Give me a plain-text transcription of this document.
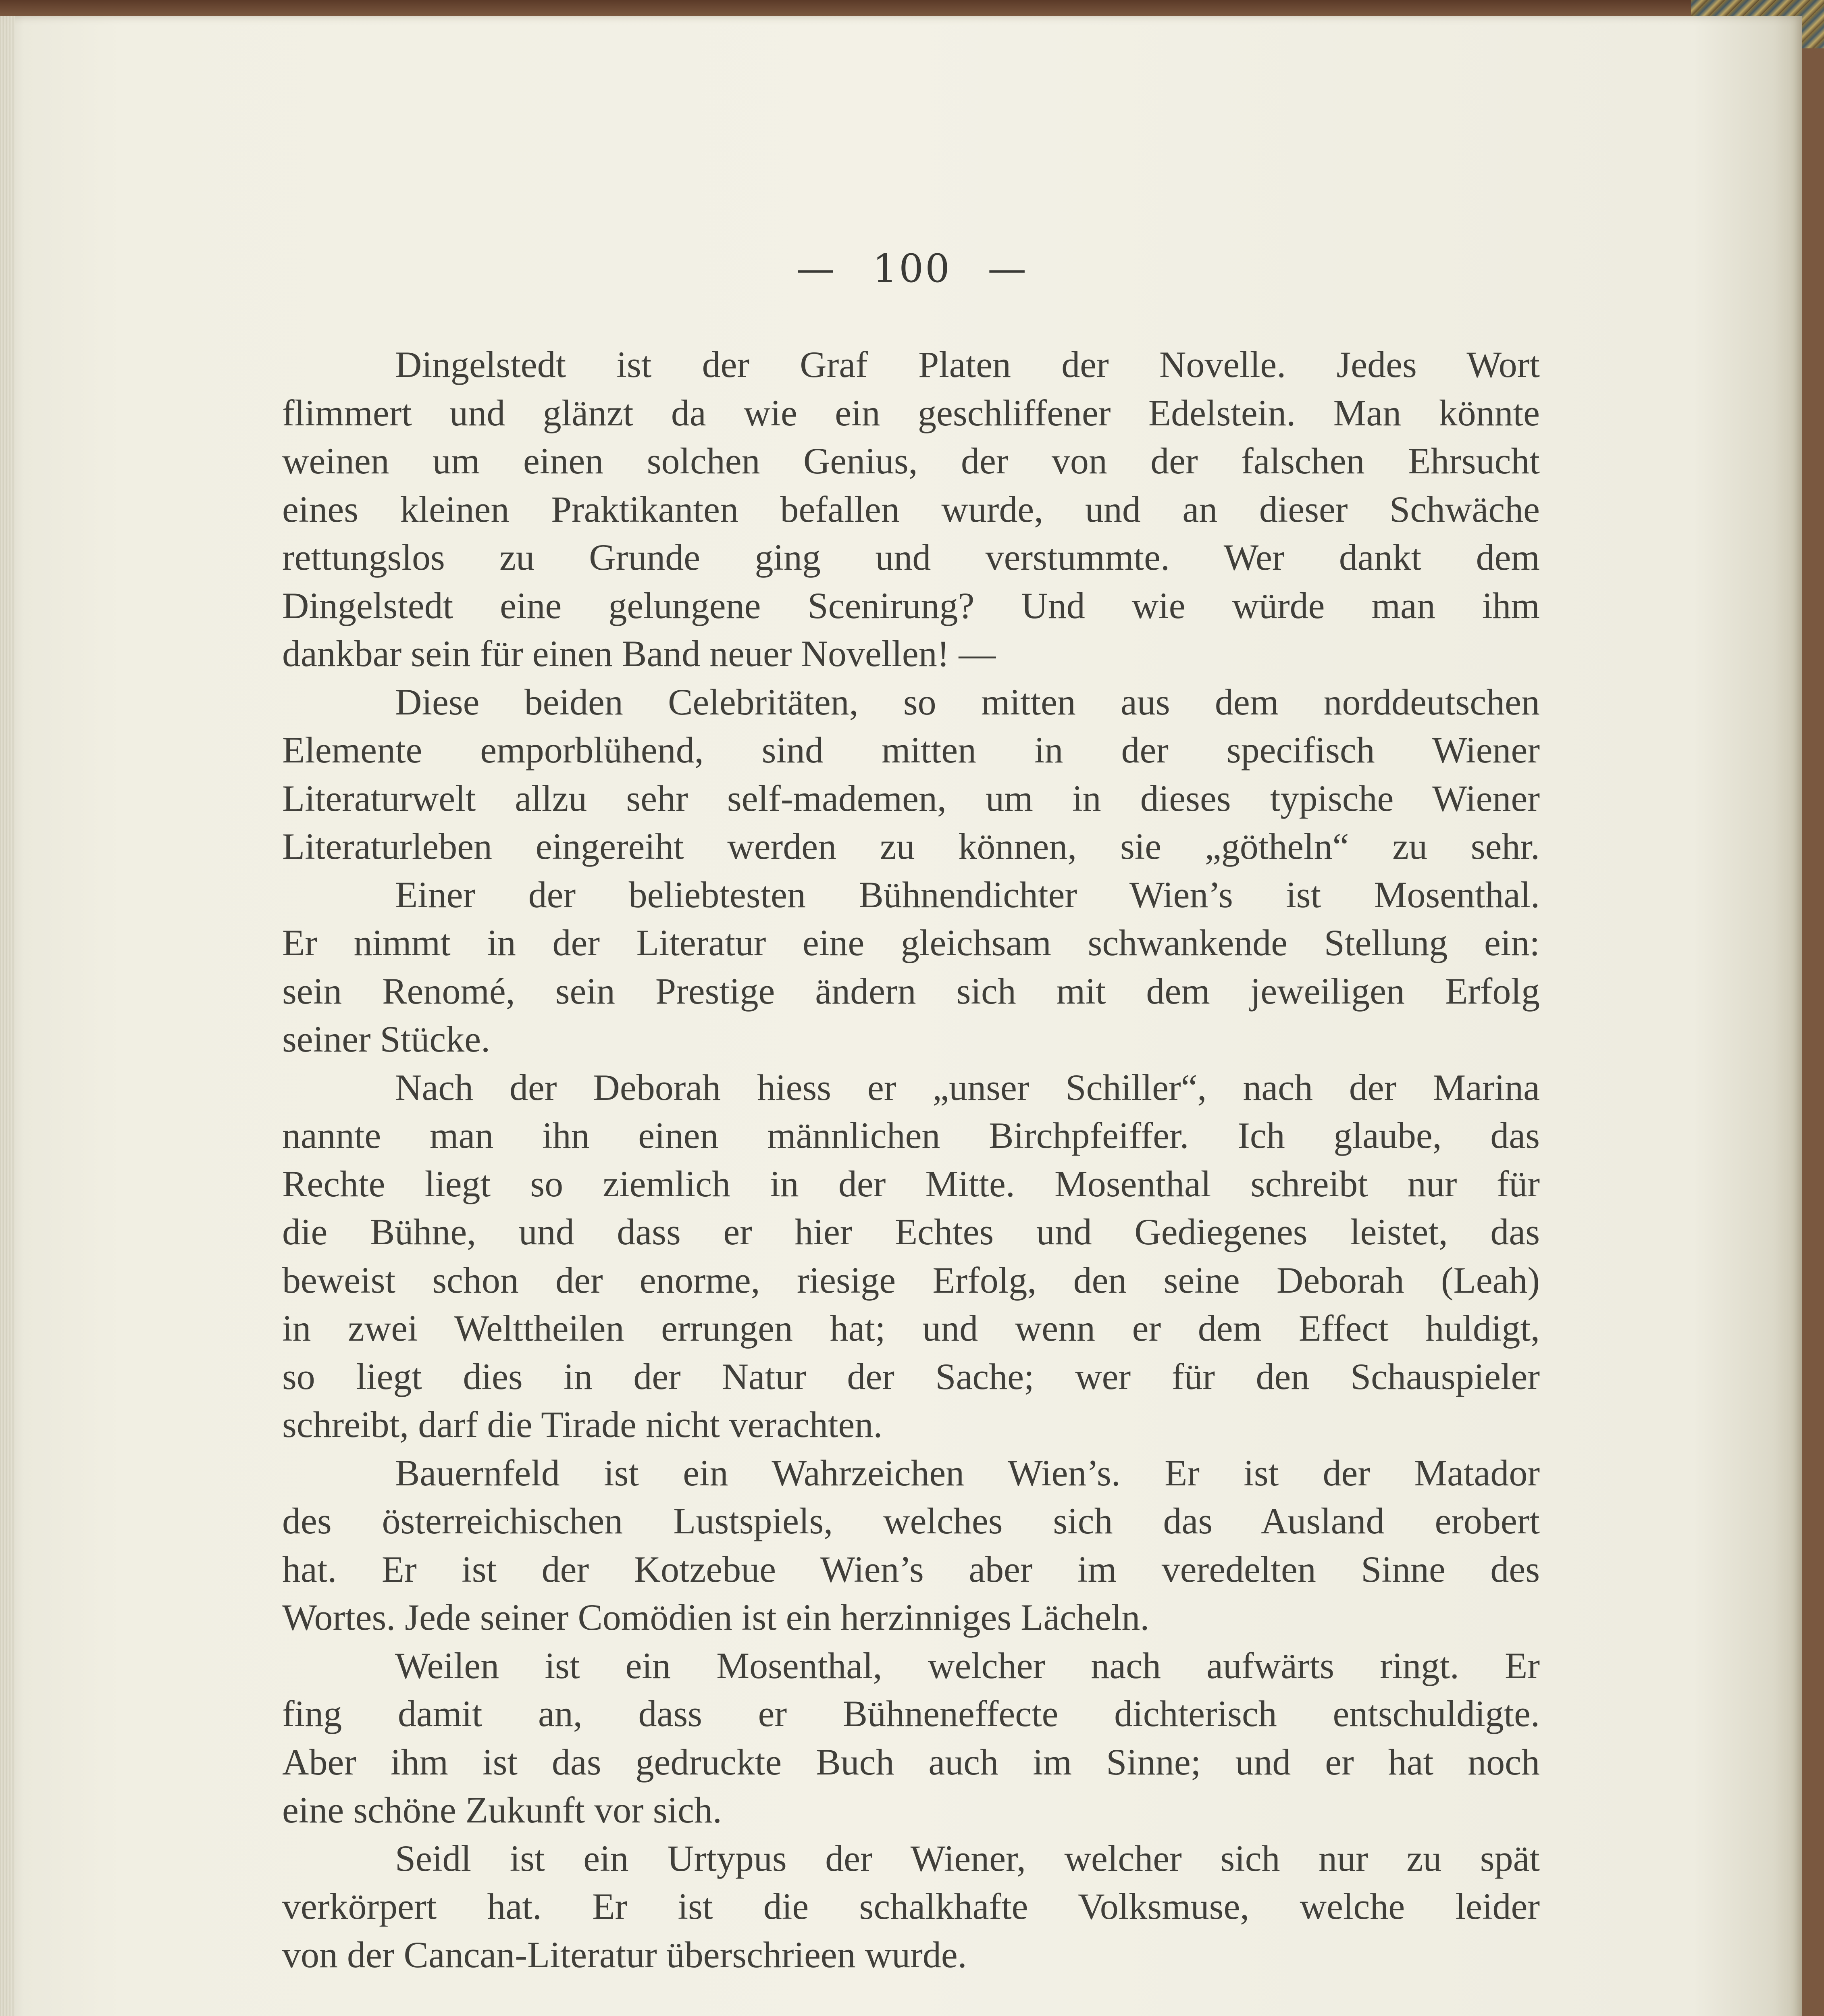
— 100 —

Dingelstedt ist der Graf Platen der Novelle. Jedes Wort
flimmert und glänzt da wie ein geschliffener Edelstein. Man könnte
weinen um einen solchen Genius, der von der falschen Ehrsucht
eines kleinen Praktikanten befallen wurde, und an dieser Schwäche
rettungslos zu Grunde ging und verstummte. Wer dankt dem
Dingelstedt eine gelungene Scenirung? Und wie würde man ihm
dankbar sein für einen Band neuer Novellen! —

Diese beiden Celebritäten, so mitten aus dem norddeutschen
Elemente emporblühend, sind mitten in der specifisch Wiener
Literaturwelt allzu sehr self-mademen, um in dieses typische Wiener
Literaturleben eingereiht werden zu können, sie „götheln“ zu sehr.

Einer der beliebtesten Bühnendichter Wien’s ist Mosenthal.
Er nimmt in der Literatur eine gleichsam schwankende Stellung ein:
sein Renomé, sein Prestige ändern sich mit dem jeweiligen Erfolg
seiner Stücke.

Nach der Deborah hiess er „unser Schiller“, nach der Marina
nannte man ihn einen männlichen Birchpfeiffer. Ich glaube, das
Rechte liegt so ziemlich in der Mitte. Mosenthal schreibt nur für
die Bühne, und dass er hier Echtes und Gediegenes leistet, das
beweist schon der enorme, riesige Erfolg, den seine Deborah (Leah)
in zwei Welttheilen errungen hat; und wenn er dem Effect huldigt,
so liegt dies in der Natur der Sache; wer für den Schauspieler
schreibt, darf die Tirade nicht verachten.

Bauernfeld ist ein Wahrzeichen Wien’s. Er ist der Matador
des österreichischen Lustspiels, welches sich das Ausland erobert
hat. Er ist der Kotzebue Wien’s aber im veredelten Sinne des
Wortes. Jede seiner Comödien ist ein herzinniges Lächeln.

Weilen ist ein Mosenthal, welcher nach aufwärts ringt. Er
fing damit an, dass er Bühneneffecte dichterisch entschuldigte.
Aber ihm ist das gedruckte Buch auch im Sinne; und er hat noch
eine schöne Zukunft vor sich.

Seidl ist ein Urtypus der Wiener, welcher sich nur zu spät
verkörpert hat. Er ist die schalkhafte Volksmuse, welche leider
von der Cancan-Literatur überschrieen wurde.
